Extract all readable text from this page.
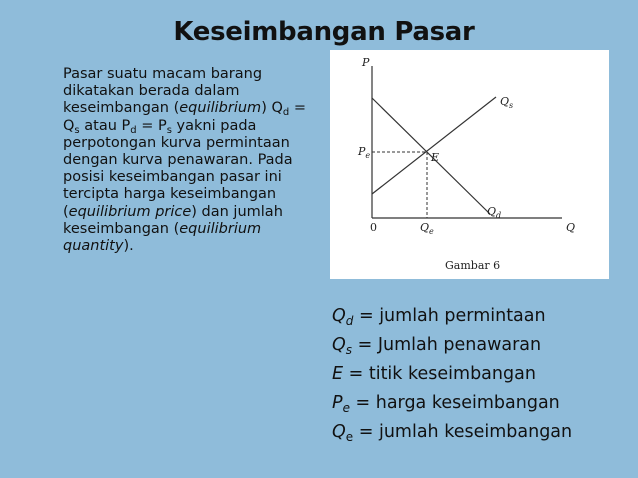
Keseimbangan Pasar
Pasar suatu macam barang dikatakan berada dalam keseimbangan (equilibrium) $Q_d = Q_s$ atau $P_d = P_s$ yakni pada perpotongan kurva permintaan dengan kurva penawaran. Pada posisi keseimbangan pasar ini tercipta harga keseimbangan (equilibrium price) dan jumlah keseimbangan (equilibrium quantity).
P
Q
0
$Q_s$
$Q_d$
$P_e$
$Q_e$
E
Gambar 6
$Q_d$ = jumlah permintaan
$Q_s$ = Jumlah penawaran
E = titik keseimbangan
$P_e$ = harga keseimbangan
$Q_e$ = jumlah keseimbangan
